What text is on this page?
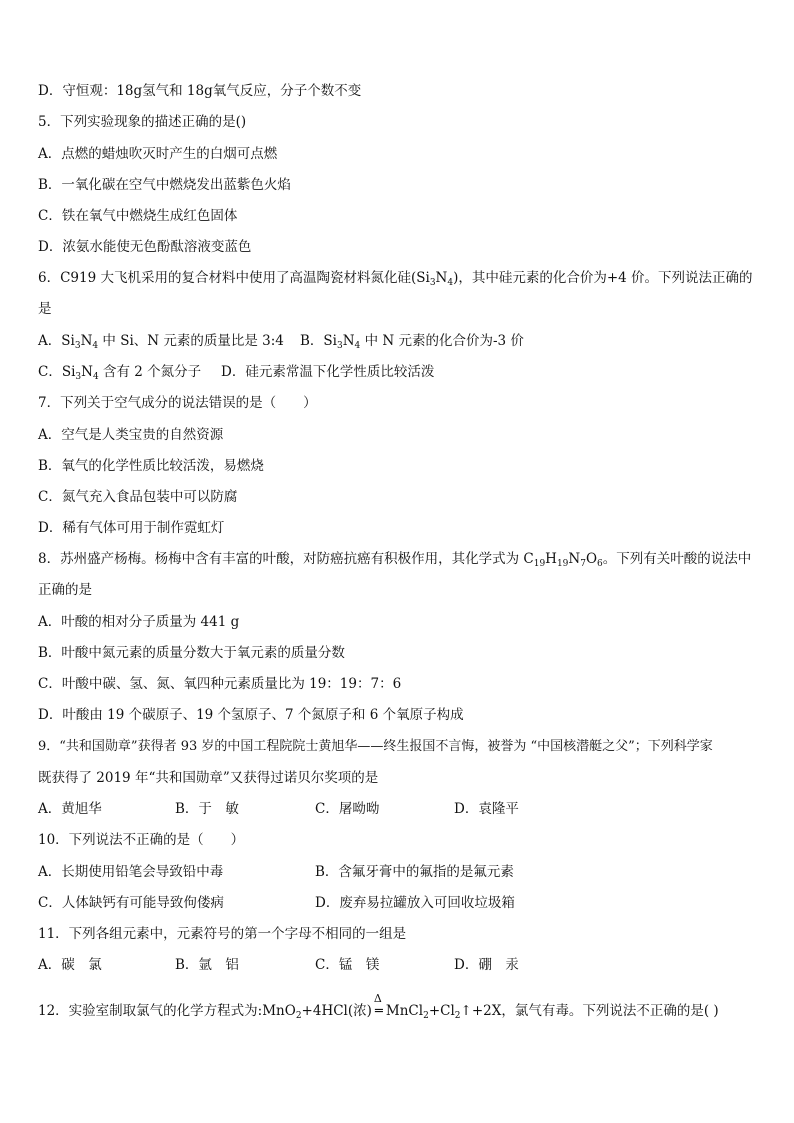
D．守恒观：18g氢气和 18g氧气反应，分子个数不变
5．下列实验现象的描述正确的是()
A．点燃的蜡烛吹灭时产生的白烟可点燃
B．一氧化碳在空气中燃烧发出蓝紫色火焰
C．铁在氧气中燃烧生成红色固体
D．浓氨水能使无色酚酞溶液变蓝色
6．C919 大飞机采用的复合材料中使用了高温陶瓷材料氮化硅$(Si_3N_4)$，其中硅元素的化合价为+4 价。下列说法正确的
是
A．$Si_3N_4$ 中 Si、N 元素的质量比是 3:4 B．$Si_3N_4$ 中 N 元素的化合价为-3 价
C．$Si_3N_4$ 含有 2 个氮分子 D．硅元素常温下化学性质比较活泼
7．下列关于空气成分的说法错误的是（　　）
A．空气是人类宝贵的自然资源
B．氧气的化学性质比较活泼，易燃烧
C．氮气充入食品包装中可以防腐
D．稀有气体可用于制作霓虹灯
8．苏州盛产杨梅。杨梅中含有丰富的叶酸，对防癌抗癌有积极作用，其化学式为 $C_{19}H_{19}N_7O_6$。下列有关叶酸的说法中
正确的是
A．叶酸的相对分子质量为 441 g
B．叶酸中氮元素的质量分数大于氧元素的质量分数
C．叶酸中碳、氢、氮、氧四种元素质量比为 19：19：7：6
D．叶酸由 19 个碳原子、19 个氢原子、7 个氮原子和 6 个氧原子构成
9．“共和国勋章”获得者 93 岁的中国工程院院士黄旭华——终生报国不言悔，被誉为 “中国核潜艇之父”；下列科学家
既获得了 2019 年“共和国勋章”又获得过诺贝尔奖项的是
A．黄旭华	B．于　敏	C．屠呦呦	D．袁隆平
10．下列说法不正确的是（　　）
A．长期使用铅笔会导致铅中毒	B．含氟牙膏中的氟指的是氟元素
C．人体缺钙有可能导致佝偻病	D．废弃易拉罐放入可回收垃圾箱
11．下列各组元素中，元素符号的第一个字母不相同的一组是
A．碳　氯	B．氩　铝	C．锰　镁	D．硼　汞
12．实验室制取氯气的化学方程式为:MnO$_2$+4HCl(浓)
Δ
═ $MnCl_2+Cl_2↑+2X$，氯气有毒。下列说法不正确的是( )
